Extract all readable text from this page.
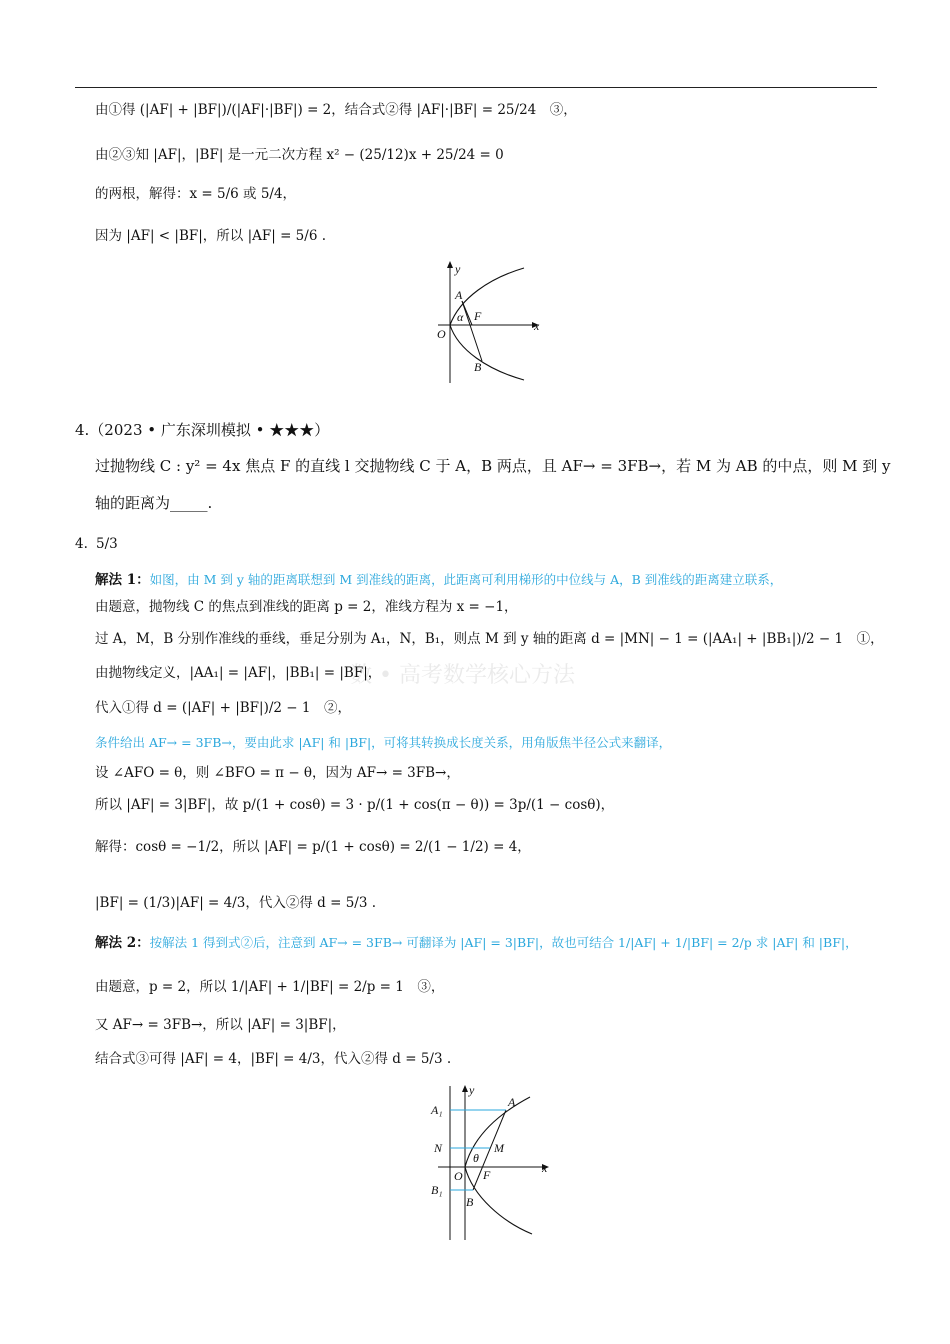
数 • 高考数学核心方法
由①得 (|AF| + |BF|)/(|AF|·|BF|) = 2，结合式②得 |AF|·|BF| = 25/24　③，
由②③知 |AF|，|BF| 是一元二次方程 x² − (25/12)x + 25/24 = 0
的两根，解得：x = 5/6 或 5/4，
因为 |AF| < |BF|，所以 |AF| = 5/6 .
y
A
α F
x
O
B
4.（2023 • 广东深圳模拟 • ★★★）
过抛物线 C : y² = 4x 焦点 F 的直线 l 交抛物线 C 于 A，B 两点，且 AF→ = 3FB→，若 M 为 AB 的中点，则 M 到 y
轴的距离为_____.
4. 5/3
解法 1：如图，由 M 到 y 轴的距离联想到 M 到准线的距离，此距离可利用梯形的中位线与 A，B 到准线的距离建立联系，
由题意，抛物线 C 的焦点到准线的距离 p = 2，准线方程为 x = −1，
过 A，M，B 分别作准线的垂线，垂足分别为 A₁，N，B₁，则点 M 到 y 轴的距离 d = |MN| − 1 = (|AA₁| + |BB₁|)/2 − 1　①，
由抛物线定义，|AA₁| = |AF|，|BB₁| = |BF|，
代入①得 d = (|AF| + |BF|)/2 − 1　②，
条件给出 AF→ = 3FB→，要由此求 |AF| 和 |BF|，可将其转换成长度关系，用角版焦半径公式来翻译，
设 ∠AFO = θ，则 ∠BFO = π − θ，因为 AF→ = 3FB→，
所以 |AF| = 3|BF|，故 p/(1 + cosθ) = 3 · p/(1 + cos(π − θ)) = 3p/(1 − cosθ)，
解得：cosθ = −1/2，所以 |AF| = p/(1 + cosθ) = 2/(1 − 1/2) = 4，
|BF| = (1/3)|AF| = 4/3，代入②得 d = 5/3 .
解法 2：按解法 1 得到式②后，注意到 AF→ = 3FB→ 可翻译为 |AF| = 3|BF|，故也可结合 1/|AF| + 1/|BF| = 2/p 求 |AF| 和 |BF|，
由题意，p = 2，所以 1/|AF| + 1/|BF| = 2/p = 1　③，
又 AF→ = 3FB→，所以 |AF| = 3|BF|，
结合式③可得 |AF| = 4，|BF| = 4/3，代入②得 d = 5/3 .
y
A₁
A
N	M
θ
O F	x
B₁
B
